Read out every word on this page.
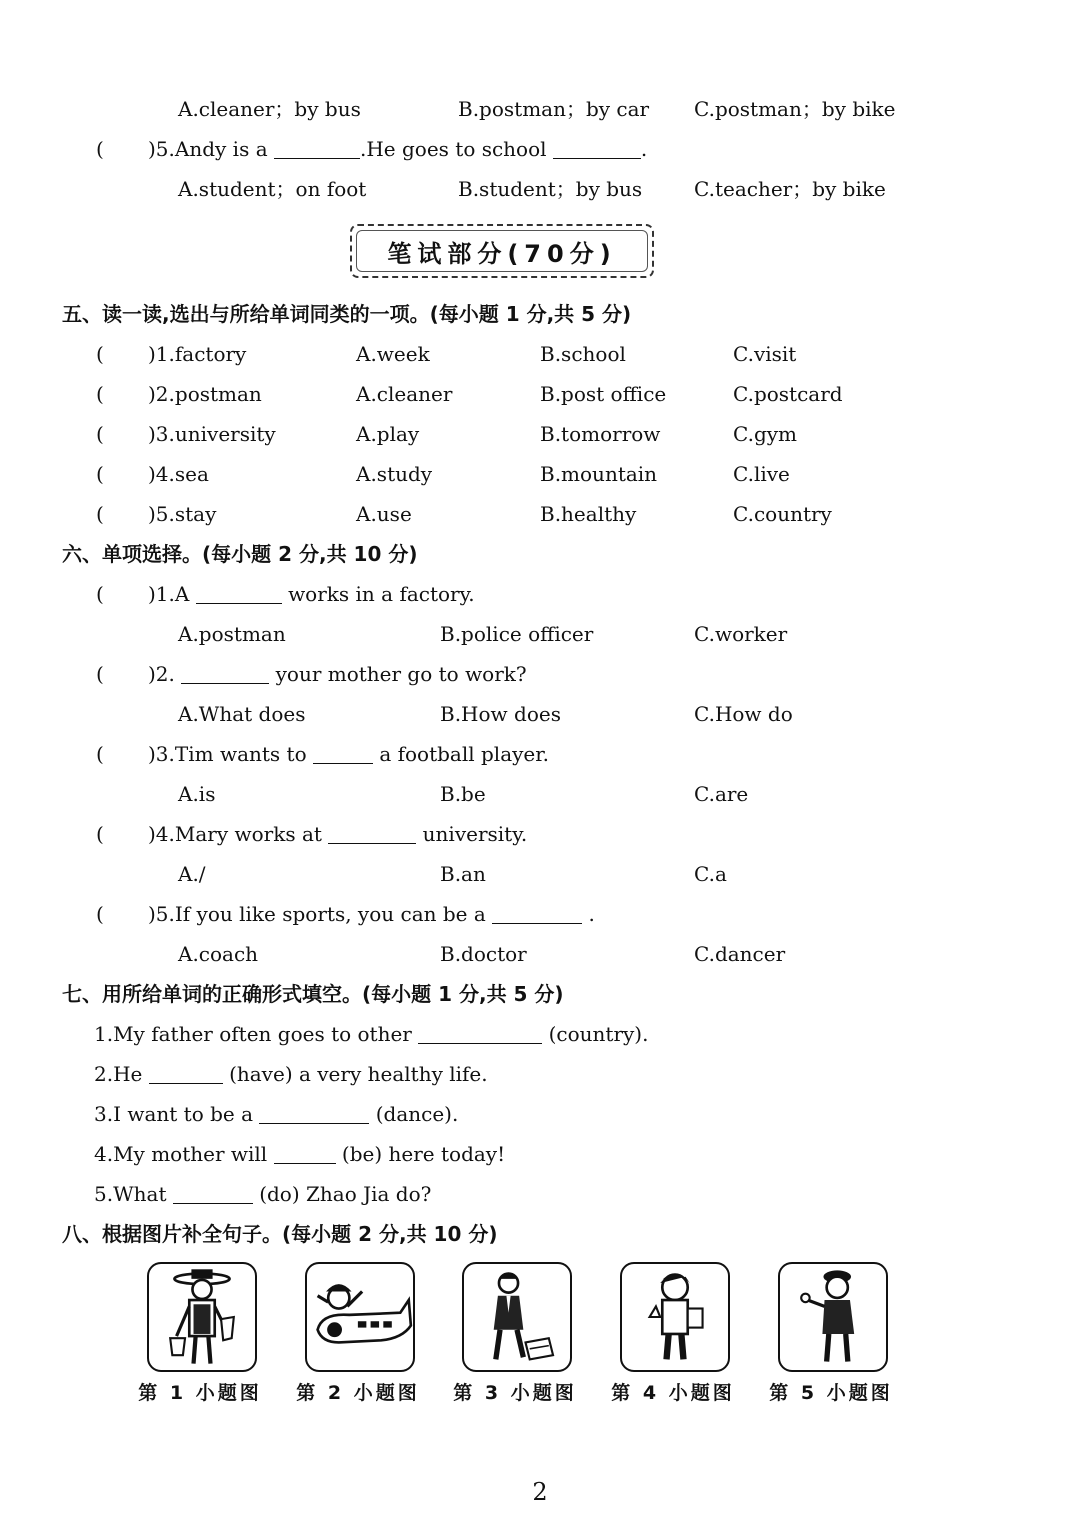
A.cleaner；by bus	B.postman；by car C.postman；by bike
( )5.Andy is a	.He goes to school	.
A.student；on foot	B.student；by bus	C.teacher；by bike
笔试部分(70分)
五、读一读,选出与所给单词同类的一项。(每小题 1 分,共 5 分)
( )1.factory	A.week	B.school	C.visit
( )2.postman	A.cleaner	B.post office	C.postcard
( )3.university	A.play	B.tomorrow	C.gym
( )4.sea	A.study	B.mountain	C.live
( )5.stay	A.use	B.healthy	C.country
六、单项选择。(每小题 2 分,共 10 分)
( )1.A	works in a factory.
A.postman	B.police officer	C.worker
( )2.	your mother go to work?
A.What does	B.How does	C.How do
( )3.Tim wants to	a football player.
A.is	B.be	C.are
( )4.Mary works at	university.
A./	B.an	C.a
( )5.If you like sports, you can be a	.
A.coach	B.doctor	C.dancer
七、用所给单词的正确形式填空。(每小题 1 分,共 5 分)
1.My father often goes to other	(country).
2.He	(have) a very healthy life.
3.I want to be a	(dance).
4.My mother will	(be) here today!
5.What	(do) Zhao Jia do?
八、根据图片补全句子。(每小题 2 分,共 10 分)
第 1 小题图 第 2 小题图 第 3 小题图 第 4 小题图 第 5 小题图
2
